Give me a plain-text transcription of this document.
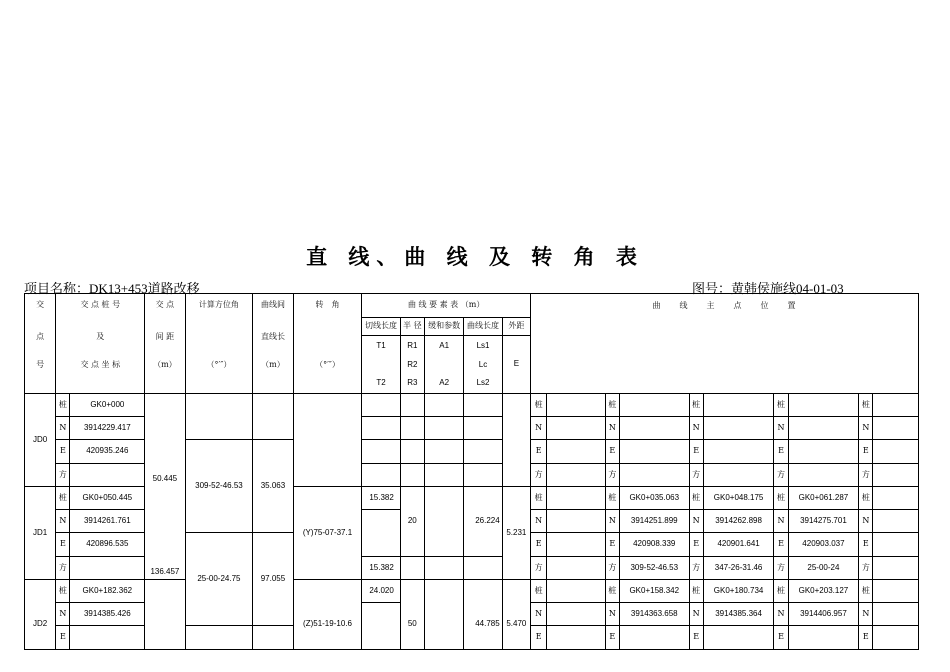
直 线、曲 线 及 转 角 表
项目名称：DK13+453道路改移	图号：黄韩侯施线04-01-03
交	交 点 桩 号		交 点	计算方位角	曲线间	转　角	曲 线 要 素 表 （m）					曲　　线　　主　　点　　位　　置									
点	及		间 距		直线长		切线长度	半 径	缓和参数	曲线长度	外距										
							T1	R1	A1	Ls1	E										
号	交 点 坐 标		（m）	（°′″）	（m）	（°′″）		R2		Lc											
							T2	R3	A2	Ls2											
JD0	桩	GK0+000										桩		桩		桩		桩		桩	
	N	3914229.417										N		N		N		N		N	
	E	420935.246		309-52-46.53	35.063							E		E		E		E		E	
	方											方		方		方		方		方	
JD1	桩	GK0+050.445	50.445			(Y)75-07-37.1	15.382	20		26.224	5.231	桩		桩	GK0+035.063	桩	GK0+048.175	桩	GK0+061.287	桩	
	N	3914261.761										N		N	3914251.899	N	3914262.898	N	3914275.701	N	
	E	420896.535		25-00-24.75	97.055							E		E	420908.339	E	420901.641	E	420903.037	E	
	方						15.382					方		方	309-52-46.53	方	347-26-31.46	方	25-00-24	方	
JD2	桩	GK0+182.362	136.457			(Z)51-19-10.6	24.020	50		44.785	5.470	桩		桩	GK0+158.342	桩	GK0+180.734	桩	GK0+203.127	桩	
	N	3914385.426										N		N	3914363.658	N	3914385.364	N	3914406.957	N	
	E											E		E		E		E		E	
